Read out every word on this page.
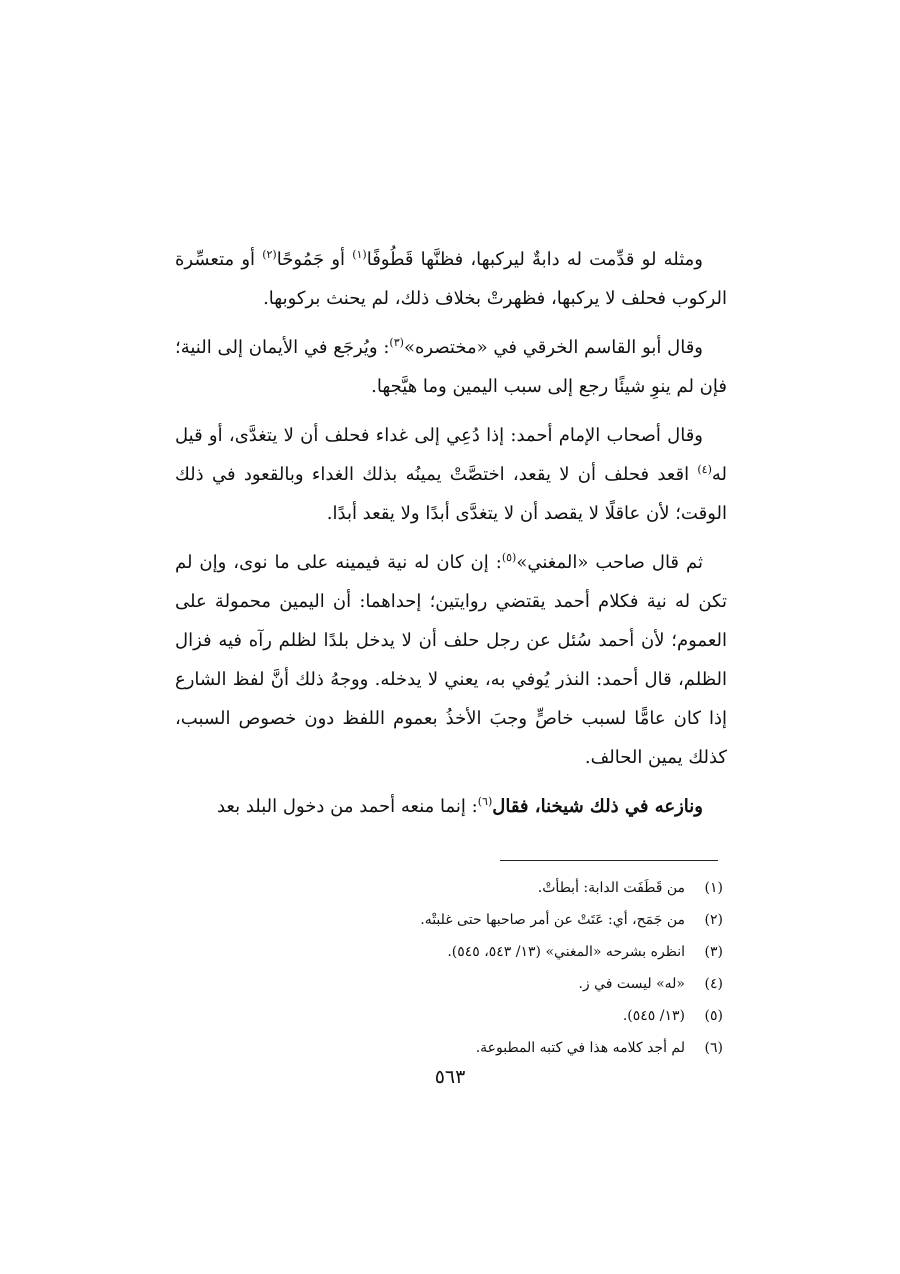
ومثله لو قدِّمت له دابةٌ ليركبها، فظنَّها قَطُوفًا$^{(١)}$ أو جَمُوحًا$^{(٢)}$ أو متعسِّرة الركوب فحلف لا يركبها، فظهرتْ بخلاف ذلك، لم يحنث بركوبها.

وقال أبو القاسم الخرقي في «مختصره»$^{(٣)}$: ويُرجَع في الأيمان إلى النية؛ فإن لم ينوِ شيئًا رجع إلى سبب اليمين وما هيَّجها.

وقال أصحاب الإمام أحمد: إذا دُعِي إلى غداء فحلف أن لا يتغدَّى، أو قيل له$^{(٤)}$ اقعد فحلف أن لا يقعد، اختصَّتْ يمينُه بذلك الغداء وبالقعود في ذلك الوقت؛ لأن عاقلًا لا يقصد أن لا يتغدَّى أبدًا ولا يقعد أبدًا.

ثم قال صاحب «المغني»$^{(٥)}$: إن كان له نية فيمينه على ما نوى، وإن لم تكن له نية فكلام أحمد يقتضي روايتين؛ إحداهما: أن اليمين محمولة على العموم؛ لأن أحمد سُئل عن رجل حلف أن لا يدخل بلدًا لظلم رآه فيه فزال الظلم، قال أحمد: النذر يُوفي به، يعني لا يدخله. ووجهُ ذلك أنَّ لفظ الشارع إذا كان عامًّا لسبب خاصٍّ وجبَ الأخذُ بعموم اللفظ دون خصوص السبب، كذلك يمين الحالف.

ونازعه في ذلك شيخنا، فقال$^{(٦)}$: إنما منعه أحمد من دخول البلد بعد

(١)
من قَطَفَت الدابة: أبطأتْ.
(٢)
من جَمَح، أي: عَتَتْ عن أمر صاحبها حتى غلبتْه.
(٣)
انظره بشرحه «المغني» (١٣/ ٥٤٣، ٥٤٥).
(٤)
«له» ليست في ز.
(٥)
(١٣/ ٥٤٥).
(٦)
لم أجد كلامه هذا في كتبه المطبوعة.
٥٦٣
